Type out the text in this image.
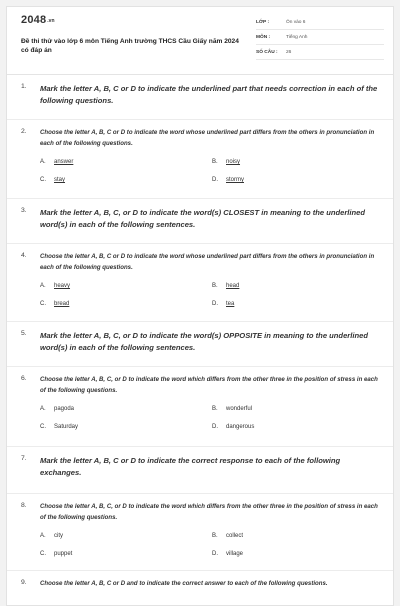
2048.vn
Đề thi thử vào lớp 6 môn Tiếng Anh trường THCS Cầu Giấy năm 2024 có đáp án
LỚP :	Ôn vào 6
MÔN :	Tiếng Anh
SỐ CÂU :	26
1. Mark the letter A, B, C or D to indicate the underlined part that needs correction in each of the following questions.
2. Choose the letter A, B, C or D to indicate the word whose underlined part differs from the others in pronunciation in each of the following questions.
A.	answer	B.	noisy
C.	stay	D.	stormy
3. Mark the letter A, B, C, or D to indicate the word(s) CLOSEST in meaning to the underlined word(s) in each of the following sentences.
4. Choose the letter A, B, C or D to indicate the word whose underlined part differs from the others in pronunciation in each of the following questions.
A.	heavy	B.	head
C.	bread	D.	tea
5. Mark the letter A, B, C, or D to indicate the word(s) OPPOSITE in meaning to the underlined word(s) in each of the following sentences.
6. Choose the letter A, B, C, or D to indicate the word which differs from the other three in the position of stress in each of the following questions.
A.	pagoda	B.	wonderful
C.	Saturday	D.	dangerous
7. Mark the letter A, B, C or D to indicate the correct response to each of the following exchanges.
8. Choose the letter A, B, C, or D to indicate the word which differs from the other three in the position of stress in each of the following questions.
A.	city	B.	collect
C.	puppet	D.	village
9. Choose the letter A, B, C or D and to indicate the correct answer to each of the following questions.
